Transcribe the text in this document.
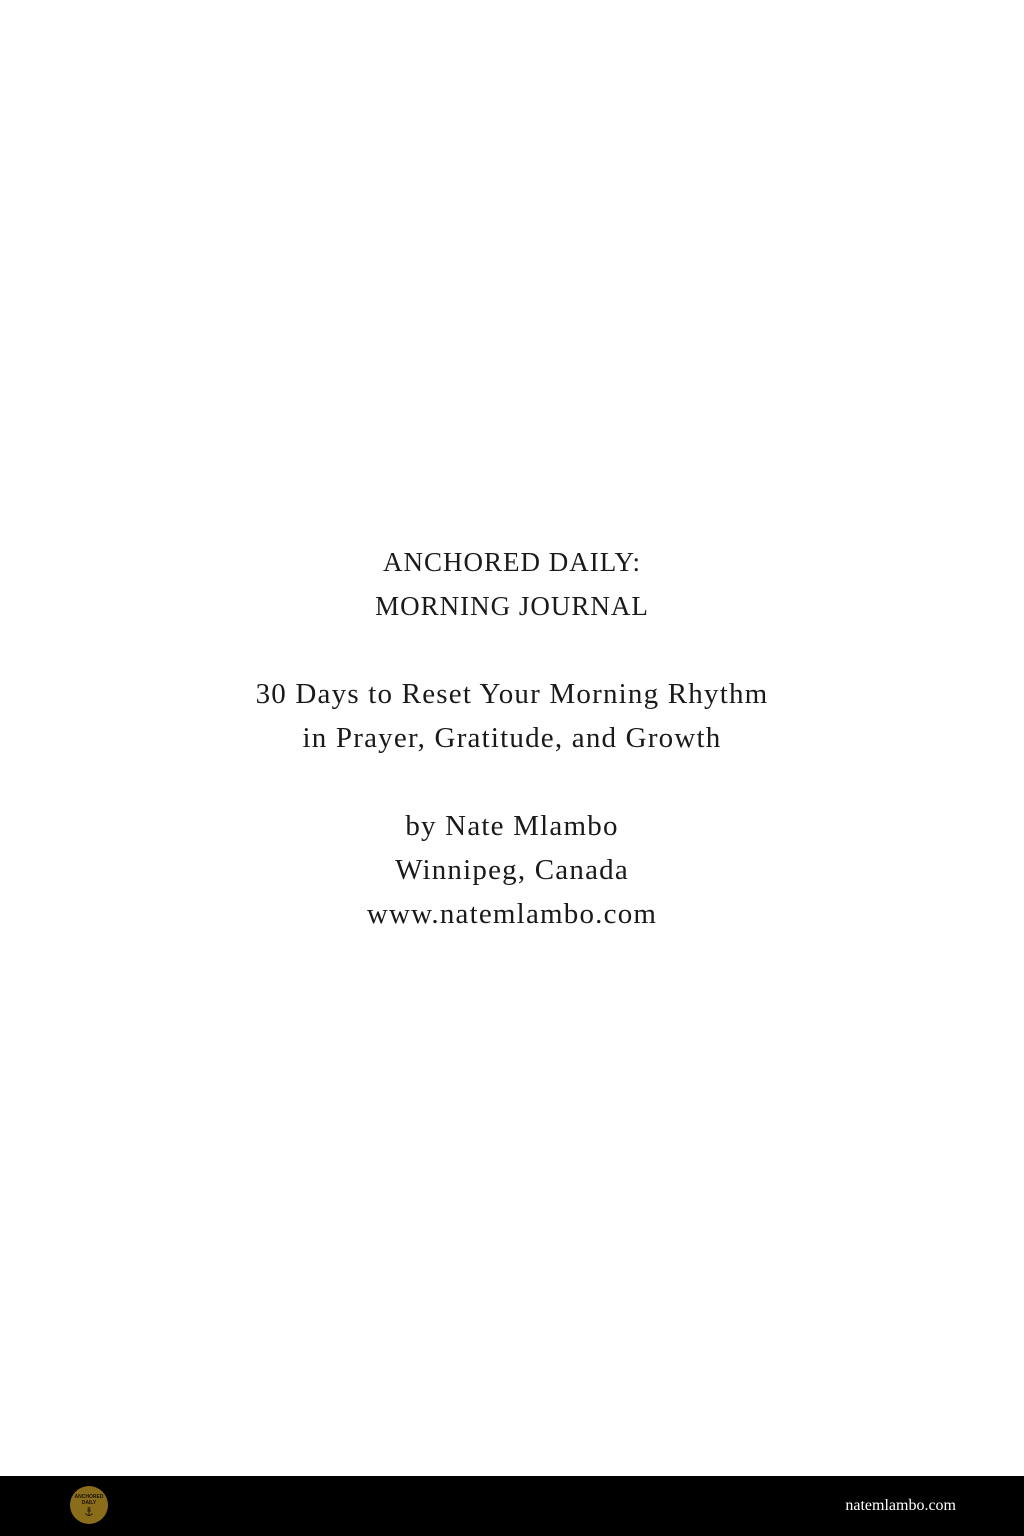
ANCHORED DAILY:
MORNING JOURNAL
30 Days to Reset Your Morning Rhythm
in Prayer, Gratitude, and Growth
by Nate Mlambo
Winnipeg, Canada
www.natemlambo.com
ANCHORED
DAILY	natemlambo.com
